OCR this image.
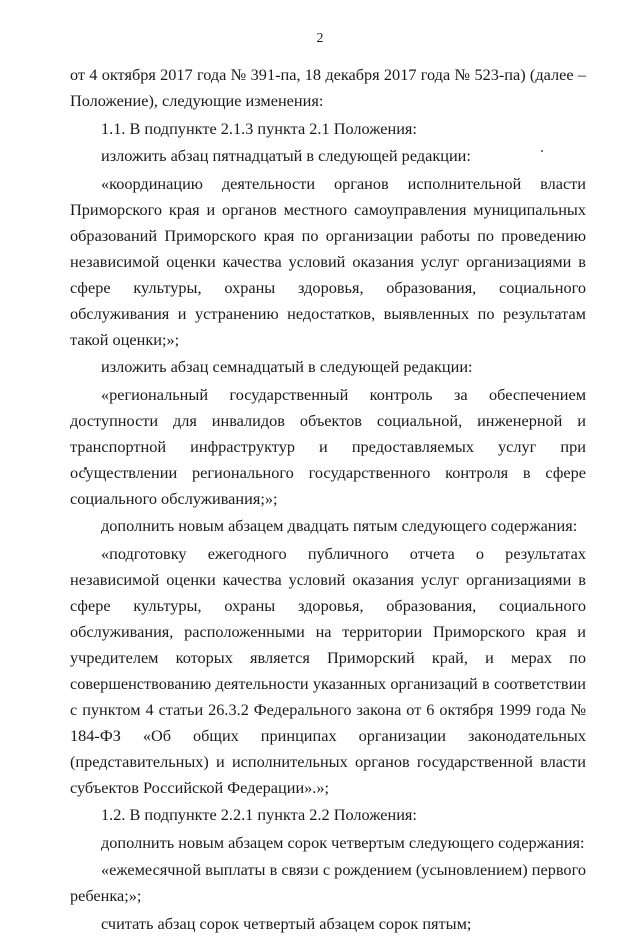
2

от 4 октября 2017 года № 391-па, 18 декабря 2017 года № 523-па) (далее – Положение), следующие изменения:

1.1. В подпункте 2.1.3 пункта 2.1 Положения:

изложить абзац пятнадцатый в следующей редакции:

«координацию деятельности органов исполнительной власти Приморского края и органов местного самоуправления муниципальных образований Приморского края по организации работы по проведению независимой оценки качества условий оказания услуг организациями в сфере культуры, охраны здоровья, образования, социального обслуживания и устранению недостатков, выявленных по результатам такой оценки;»;

изложить абзац семнадцатый в следующей редакции:

«региональный государственный контроль за обеспечением доступности для инвалидов объектов социальной, инженерной и транспортной инфраструктур и предоставляемых услуг при осуществлении регионального государственного контроля в сфере социального обслуживания;»;

дополнить новым абзацем двадцать пятым следующего содержания:

«подготовку ежегодного публичного отчета о результатах независимой оценки качества условий оказания услуг организациями в сфере культуры, охраны здоровья, образования, социального обслуживания, расположенными на территории Приморского края и учредителем которых является Приморский край, и мерах по совершенствованию деятельности указанных организаций в соответствии с пунктом 4 статьи 26.3.2 Федерального закона от 6 октября 1999 года № 184-ФЗ «Об общих принципах организации законодательных (представительных) и исполнительных органов государственной власти субъектов Российской Федерации».»;

1.2. В подпункте 2.2.1 пункта 2.2 Положения:

дополнить новым абзацем сорок четвертым следующего содержания:

«ежемесячной выплаты в связи с рождением (усыновлением) первого ребенка;»;

считать абзац сорок четвертый абзацем сорок пятым;
